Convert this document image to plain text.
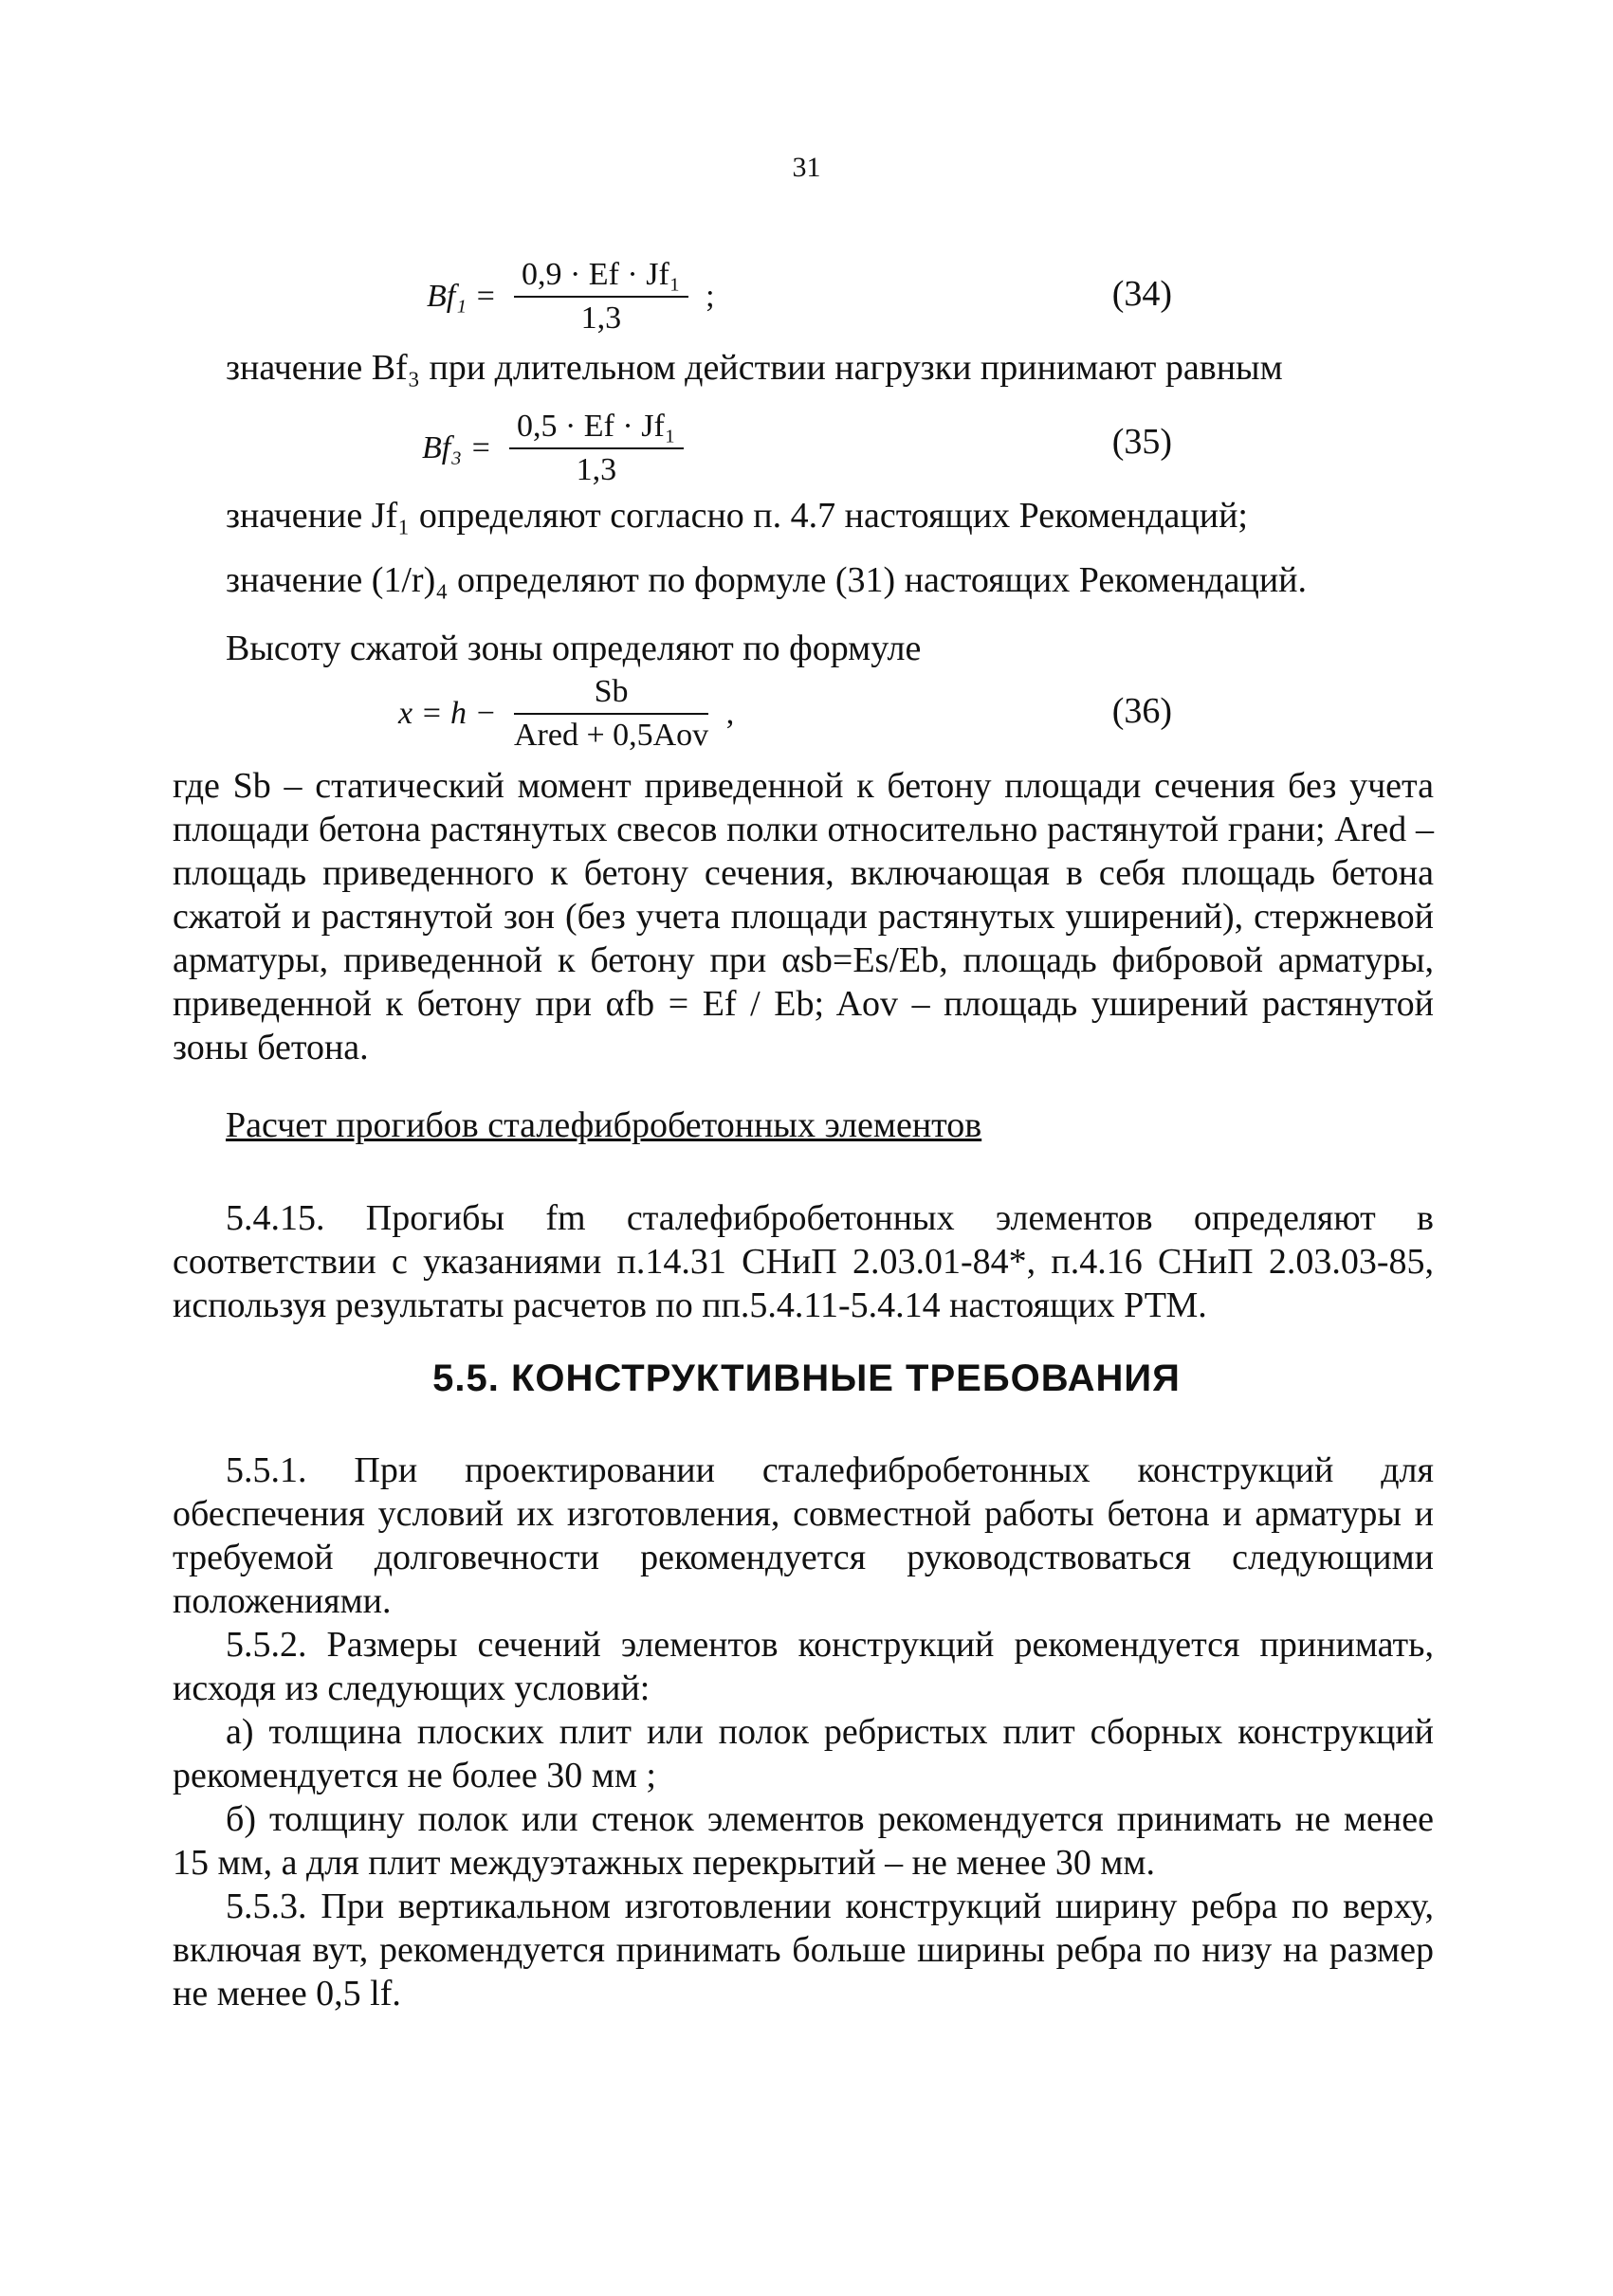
31
$Bf_1 = \frac{\text{0,9 · Ef · Jf₁}}{1,3}$ ;	(34)
значение Bf₃ при длительном действии нагрузки принимают равным
$Bf_3 = \frac{\text{0,5 · Ef · Jf₁}}{1,3}$	(35)
значение Jf₁ определяют согласно п. 4.7 настоящих Рекомендаций;
значение (1/r)₄ определяют по формуле (31) настоящих Рекомендаций.
Высоту сжатой зоны определяют по формуле
$x = h - \frac{Sb}{\text{Ared + 0,5Aov}}$ ,	(36)
где Sb – статический момент приведенной к бетону площади сечения без учета площади бетона растянутых свесов полки относительно растянутой грани; Ared – площадь приведенного к бетону сечения, включающая в себя площадь бетона сжатой и растянутой зон (без учета площади растянутых уширений), стержневой арматуры, приведенной к бетону при αsb=Es/Eb, площадь фибровой арматуры, приведенной к бетону при αfb = Ef / Eb; Aov – площадь уширений растянутой зоны бетона.
Расчет прогибов сталефибробетонных элементов
5.4.15. Прогибы fm сталефибробетонных элементов определяют в соответствии с указаниями п.14.31 СНиП 2.03.01-84*, п.4.16 СНиП 2.03.03-85, используя результаты расчетов по пп.5.4.11-5.4.14 настоящих РТМ.
5.5. КОНСТРУКТИВНЫЕ ТРЕБОВАНИЯ
5.5.1. При проектировании сталефибробетонных конструкций для обеспечения условий их изготовления, совместной работы бетона и арматуры и требуемой долговечности рекомендуется руководствоваться следующими положениями.
5.5.2. Размеры сечений элементов конструкций рекомендуется принимать, исходя из следующих условий:
а) толщина плоских плит или полок ребристых плит сборных конструкций рекомендуется не более 30 мм ;
б) толщину полок или стенок элементов рекомендуется принимать не менее 15 мм, а для плит междуэтажных перекрытий – не менее 30 мм.
5.5.3. При вертикальном изготовлении конструкций ширину ребра по верху, включая вут, рекомендуется принимать больше ширины ребра по низу на размер не менее 0,5 lf.
